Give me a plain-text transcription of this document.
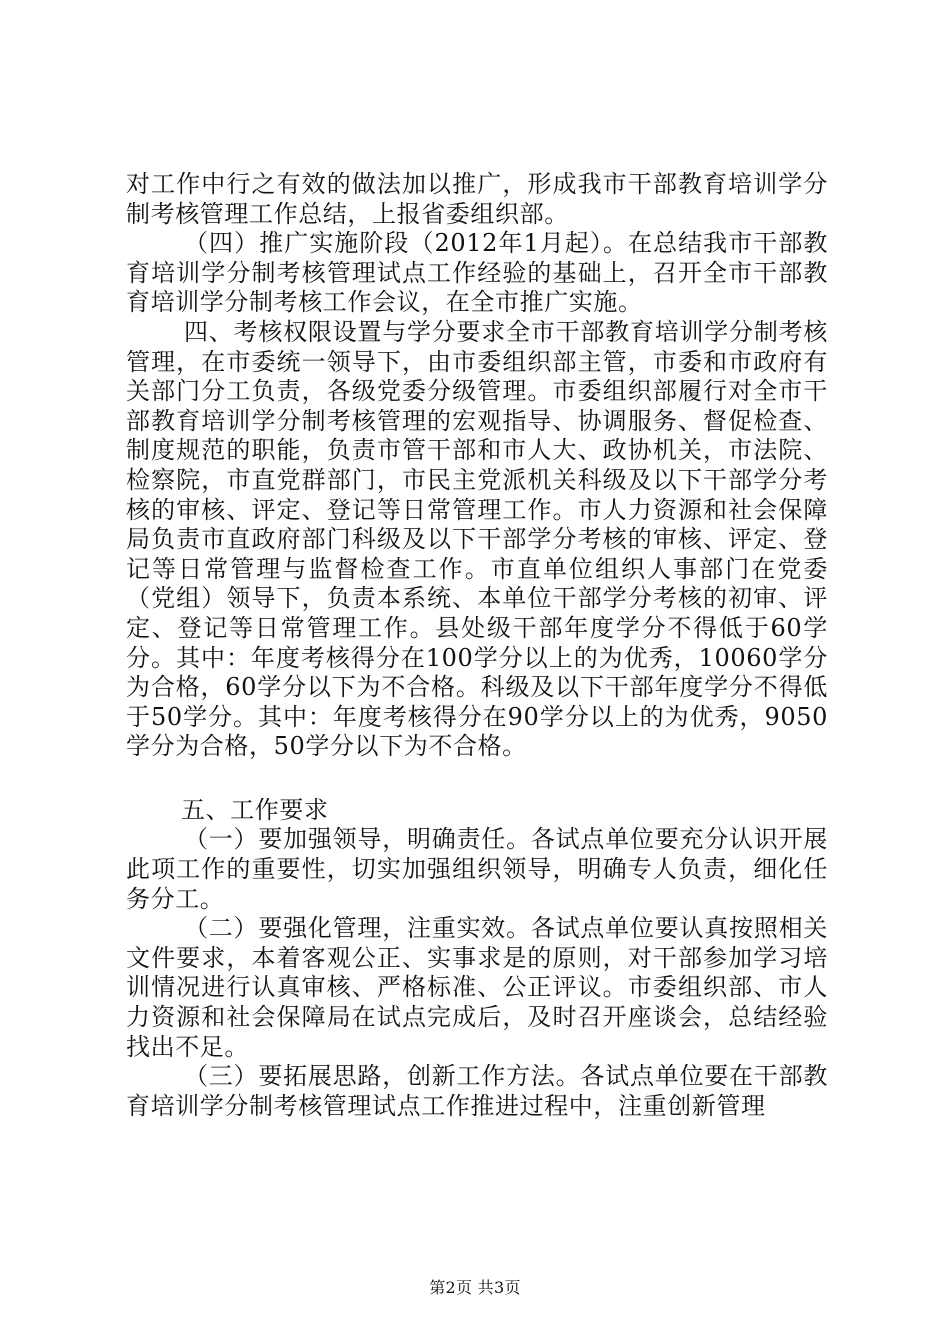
对工作中行之有效的做法加以推广，形成我市干部教育培训学分制考核管理工作总结，上报省委组织部。

（四）推广实施阶段（2012年1月起）。在总结我市干部教育培训学分制考核管理试点工作经验的基础上，召开全市干部教育培训学分制考核工作会议，在全市推广实施。

四、考核权限设置与学分要求全市干部教育培训学分制考核管理，在市委统一领导下，由市委组织部主管，市委和市政府有关部门分工负责，各级党委分级管理。市委组织部履行对全市干部教育培训学分制考核管理的宏观指导、协调服务、督促检查、制度规范的职能，负责市管干部和市人大、政协机关，市法院、检察院，市直党群部门，市民主党派机关科级及以下干部学分考核的审核、评定、登记等日常管理工作。市人力资源和社会保障局负责市直政府部门科级及以下干部学分考核的审核、评定、登记等日常管理与监督检查工作。市直单位组织人事部门在党委（党组）领导下，负责本系统、本单位干部学分考核的初审、评定、登记等日常管理工作。县处级干部年度学分不得低于60学分。其中：年度考核得分在100学分以上的为优秀，10060学分为合格，60学分以下为不合格。科级及以下干部年度学分不得低于50学分。其中：年度考核得分在90学分以上的为优秀，9050学分为合格，50学分以下为不合格。

五、工作要求

（一）要加强领导，明确责任。各试点单位要充分认识开展此项工作的重要性，切实加强组织领导，明确专人负责，细化任务分工。

（二）要强化管理，注重实效。各试点单位要认真按照相关文件要求，本着客观公正、实事求是的原则，对干部参加学习培训情况进行认真审核、严格标准、公正评议。市委组织部、市人力资源和社会保障局在试点完成后，及时召开座谈会，总结经验找出不足。

（三）要拓展思路，创新工作方法。各试点单位要在干部教育培训学分制考核管理试点工作推进过程中，注重创新管理

第2页 共3页
